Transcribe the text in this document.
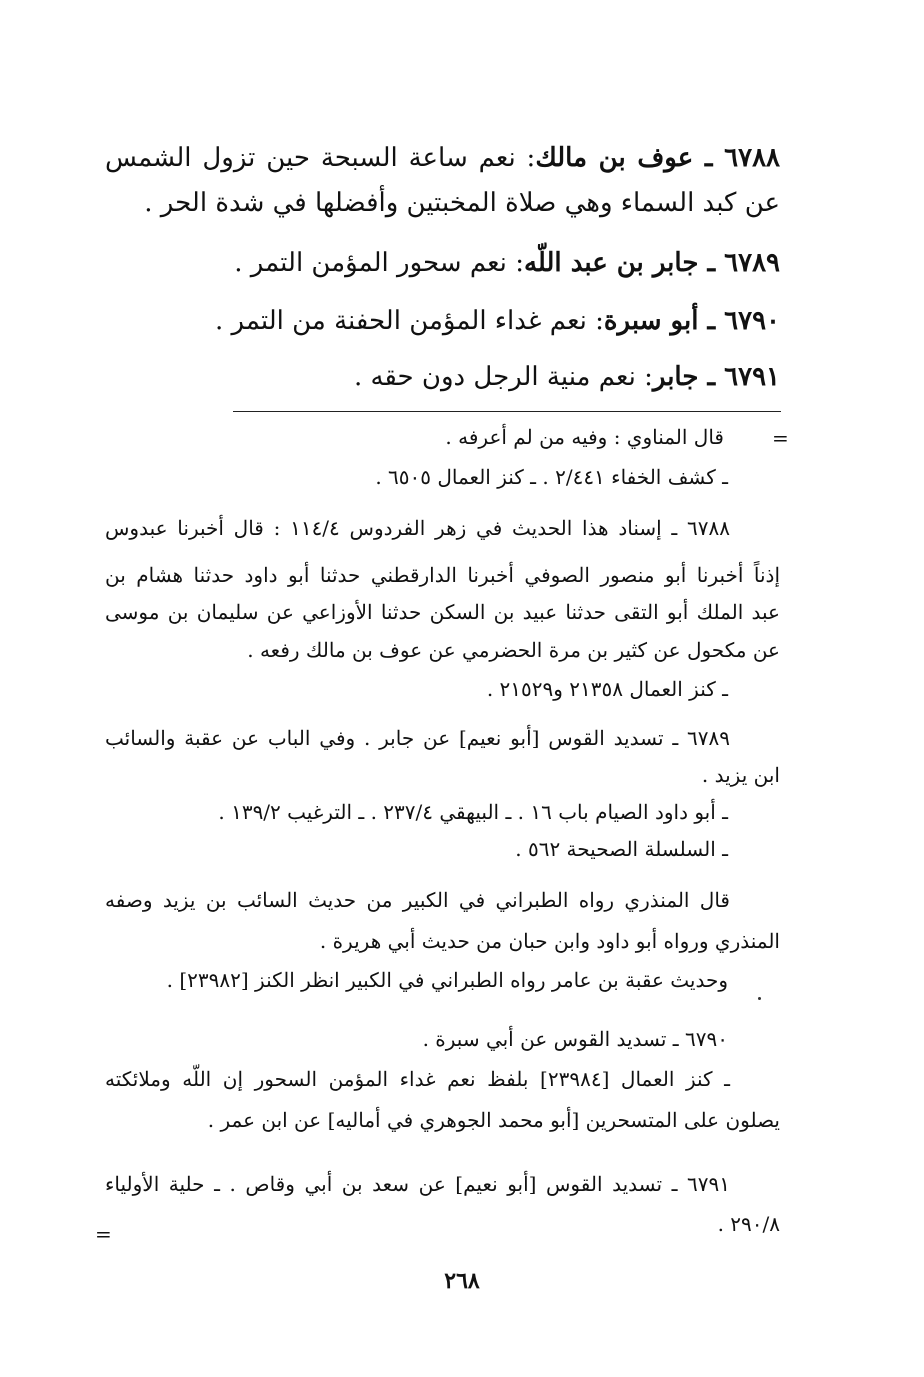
٦٧٨٨ ـ عوف بن مالك: نعم ساعة السبحة حين تزول الشمس
عن كبد السماء وهي صلاة المخبتين وأفضلها في شدة الحر .
٦٧٨٩ ـ جابر بن عبد اللّه: نعم سحور المؤمن التمر .
٦٧٩٠ ـ أبو سبرة: نعم غداء المؤمن الحفنة من التمر .
٦٧٩١ ـ جابر: نعم منية الرجل دون حقه .
=
قال المناوي : وفيه من لم أعرفه .
ـ كشف الخفاء ٢/٤٤١ . ـ كنز العمال ٦٥٠٥ .
٦٧٨٨ ـ إسناد هذا الحديث في زهر الفردوس ١١٤/٤ : قال أخبرنا عبدوس
إذناً أخبرنا أبو منصور الصوفي أخبرنا الدارقطني حدثنا أبو داود حدثنا هشام بن
عبد الملك أبو التقى حدثنا عبيد بن السكن حدثنا الأوزاعي عن سليمان بن موسى
عن مكحول عن كثير بن مرة الحضرمي عن عوف بن مالك رفعه .
ـ كنز العمال ٢١٣٥٨ و٢١٥٢٩ .
٦٧٨٩ ـ تسديد القوس [أبو نعيم] عن جابر . وفي الباب عن عقبة والسائب
ابن يزيد .
ـ أبو داود الصيام باب ١٦ . ـ البيهقي ٢٣٧/٤ . ـ الترغيب ١٣٩/٢ .
ـ السلسلة الصحيحة ٥٦٢ .
قال المنذري رواه الطبراني في الكبير من حديث السائب بن يزيد وصفه
المنذري ورواه أبو داود وابن حبان من حديث أبي هريرة .
وحديث عقبة بن عامر رواه الطبراني في الكبير انظر الكنز [٢٣٩٨٢] .
٦٧٩٠ ـ تسديد القوس عن أبي سبرة .
ـ كنز العمال [٢٣٩٨٤] بلفظ نعم غداء المؤمن السحور إن اللّه وملائكته
يصلون على المتسحرين [أبو محمد الجوهري في أماليه] عن ابن عمر .
٦٧٩١ ـ تسديد القوس [أبو نعيم] عن سعد بن أبي وقاص . ـ حلية الأولياء
٢٩٠/٨ .
=
٢٦٨
